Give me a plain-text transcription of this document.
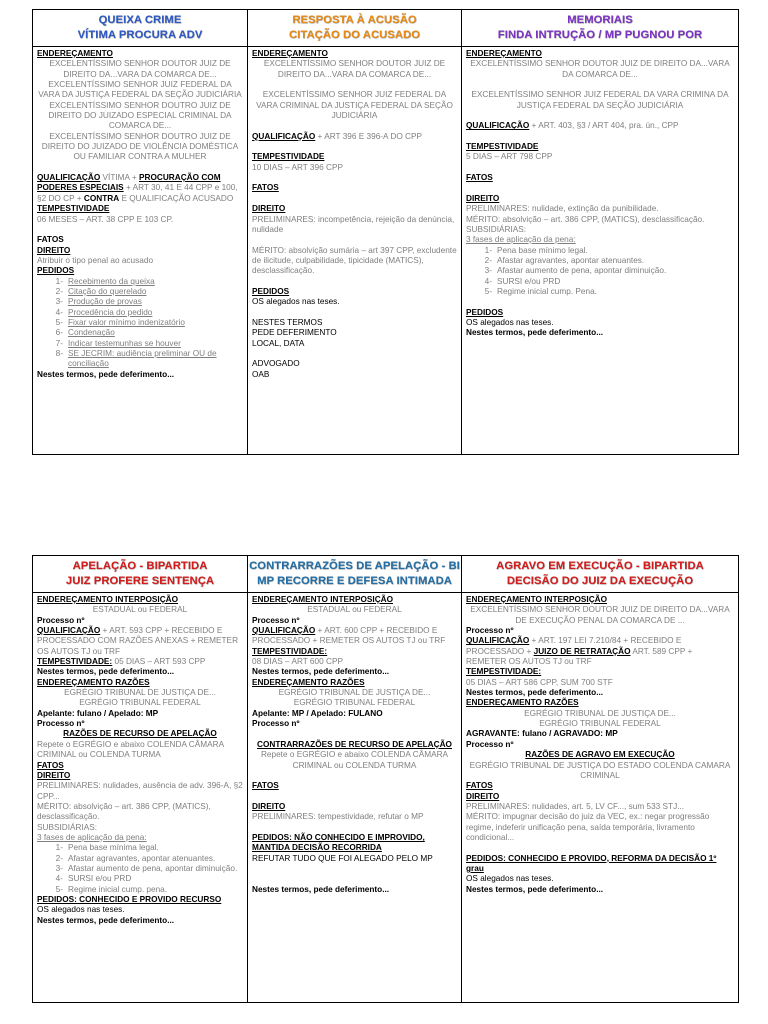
QUEIXA CRIME
VÍTIMA PROCURA ADV
ENDEREÇAMENTO
EXCELENTÍSSIMO SENHOR DOUTOR JUIZ DE DIREITO DA...VARA DA COMARCA DE...
EXCELENTÍSSIMO SENHOR JUIZ FEDERAL DA VARA DA JUSTIÇA FEDERAL DA SEÇÃO JUDICIÁRIA
EXCELENTÍSSIMO SENHOR DOUTRO JUIZ DE DIREITO DO JUIZADO ESPECIAL CRIMINAL DA COMARCA DE...
EXCELENTÍSSIMO SENHOR DOUTRO JUIZ DE DIREITO DO JUIZADO DE VIOLÊNCIA DOMÉSTICA OU FAMILIAR CONTRA A MULHER
QUALIFICAÇÃO VÍTIMA + PROCURAÇÃO COM PODERES ESPECIAIS + ART 30, 41 E 44 CPP e 100, §2 DO CP + CONTRA E QUALIFICAÇÃO ACUSADO
TEMPESTIVIDADE
06 MESES – ART. 38 CPP E 103 CP.
FATOS
DIREITO
Atribuir o tipo penal ao acusado
PEDIDOS
1- Recebimento da queixa
2- Citação do querelado
3- Produção de provas
4- Procedência do pedido
5- Fixar valor mínimo indenizatório
6- Condenação
7- Indicar testemunhas se houver
8- SE JECRIM: audiência preliminar OU de conciliação
Nestes termos, pede deferimento...
RESPOSTA À ACUSÃO
CITAÇÃO DO ACUSADO
ENDEREÇAMENTO
EXCELENTÍSSIMO SENHOR DOUTOR JUIZ DE DIREITO DA...VARA DA COMARCA DE...
EXCELENTÍSSIMO SENHOR JUIZ FEDERAL DA VARA CRIMINAL DA JUSTIÇA FEDERAL DA SEÇÃO JUDICIÁRIA
QUALIFICAÇÃO + ART 396 E 396-A DO CPP
TEMPESTIVIDADE
10 DIAS – ART 396 CPP
FATOS
DIREITO
PRELIMINARES: incompetência, rejeição da denúncia, nulidade
MÉRITO: absolvição sumária – art 397 CPP, excludente de ilicitude, culpabilidade, tipicidade (MATICS), desclassificação.
PEDIDOS
OS alegados nas teses.
NESTES TERMOS
PEDE DEFERIMENTO
LOCAL, DATA
ADVOGADO
OAB
MEMORIAIS
FINDA INTRUÇÃO / MP PUGNOU POR
ENDEREÇAMENTO
EXCELENTÍSSIMO SENHOR DOUTOR JUIZ DE DIREITO DA...VARA DA COMARCA DE...
EXCELENTÍSSIMO SENHOR JUIZ FEDERAL DA VARA CRIMINA DA JUSTIÇA FEDERAL DA SEÇÃO JUDICIÁRIA
QUALIFICAÇÃO + ART. 403, §3 / ART 404, pra. ún., CPP
TEMPESTIVIDADE
5 DIAS – ART 798 CPP
FATOS
DIREITO
PRELIMINARES: nulidade, extinção da punibilidade.
MÉRITO: absolvição – art. 386 CPP, (MATICS), desclassificação.
SUBSIDIÁRIAS:
3 fases de aplicação da pena:
1- Pena base mínimo legal.
2- Afastar agravantes, apontar atenuantes.
3- Afastar aumento de pena, apontar diminuição.
4- SURSI e/ou PRD
5- Regime inicial cump. Pena.
PEDIDOS
OS alegados nas teses.
Nestes termos, pede deferimento...
APELAÇÃO - BIPARTIDA
JUIZ PROFERE SENTENÇA
ENDEREÇAMENTO INTERPOSIÇÃO
ESTADUAL ou FEDERAL
Processo nº
QUALIFICAÇÃO + ART. 593 CPP + RECEBIDO E PROCESSADO COM RAZÕES ANEXAS + REMETER OS AUTOS TJ ou TRF
TEMPESTIVIDADE: 05 DIAS – ART 593 CPP
Nestes termos, pede deferimento...
ENDEREÇAMENTO RAZÕES
EGRÉGIO TRIBUNAL DE JUSTIÇA DE...
EGRÉGIO TRIBUNAL FEDERAL
Apelante: fulano / Apelado: MP
Processo nº
RAZÕES DE RECURSO DE APELAÇÃO
Repete o EGRÉGIO e abaixo COLENDA CÂMARA CRIMINAL ou COLENDA TURMA
FATOS
DIREITO
PRELIMINARES: nulidades, ausência de adv. 396-A, §2 CPP...
MÉRITO: absolvição – art. 386 CPP, (MATICS), desclassificação.
SUBSIDIÁRIAS:
3 fases de aplicação da pena:
1- Pena base mínima legal.
2- Afastar agravantes, apontar atenuantes.
3- Afastar aumento de pena, apontar diminuição.
4- SURSI e/ou PRD
5- Regime inicial cump. pena.
PEDIDOS: CONHECIDO E PROVIDO RECURSO
OS alegados nas teses.
Nestes termos, pede deferimento...
CONTRARRAZÕES DE APELAÇÃO - BI
MP RECORRE E DEFESA INTIMADA
ENDEREÇAMENTO INTERPOSIÇÃO
ESTADUAL ou FEDERAL
Processo nº
QUALIFICAÇÃO + ART. 600 CPP + RECEBIDO E PROCESSADO + REMETER OS AUTOS TJ ou TRF
TEMPESTIVIDADE:
08 DIAS – ART 600 CPP
Nestes termos, pede deferimento...
ENDEREÇAMENTO RAZÕES
EGRÉGIO TRIBUNAL DE JUSTIÇA DE...
EGRÉGIO TRIBUNAL FEDERAL
Apelante: MP / Apelado: FULANO
Processo nº
CONTRARRAZÕES DE RECURSO DE APELAÇÃO
Repete o EGRÉGIO e abaixo COLENDA CÂMARA CRIMINAL ou COLENDA TURMA
FATOS
DIREITO
PRELIMINARES: tempestividade, refutar o MP
PEDIDOS: NÃO CONHECIDO E IMPROVIDO, MANTIDA DECISÃO RECORRIDA
REFUTAR TUDO QUE FOI ALEGADO PELO MP
Nestes termos, pede deferimento...
AGRAVO EM EXECUÇÃO - BIPARTIDA
DECISÃO DO JUIZ DA EXECUÇÃO
ENDEREÇAMENTO INTERPOSIÇÃO
EXCELENTÍSSIMO SENHOR DOUTOR JUIZ DE DIREITO DA...VARA DE EXECUÇÃO PENAL DA COMARCA DE ...
Processo nº
QUALIFICAÇÃO + ART. 197 LEI 7.210/84 + RECEBIDO E PROCESSADO + JUIZO DE RETRATAÇÃO ART. 589 CPP + REMETER OS AUTOS TJ ou TRF
TEMPESTIVIDADE:
05 DIAS – ART 586 CPP, SUM 700 STF
Nestes termos, pede deferimento...
ENDEREÇAMENTO RAZÕES
EGRÉGIO TRIBUNAL DE JUSTIÇA DE...
EGRÉGIO TRIBUNAL FEDERAL
AGRAVANTE: fulano / AGRAVADO: MP
Processo nº
RAZÕES DE AGRAVO EM EXECUÇÃO
EGRÉGIO TRIBUNAL DE JUSTIÇA DO ESTADO COLENDA CAMARA CRIMINAL
FATOS
DIREITO
PRELIMINARES: nulidades, art. 5, LV CF..., sum 533 STJ...
MÉRITO: impugnar decisão do juiz da VEC, ex.: negar progressão regime, indeferir unificação pena, saída temporária, livramento condicional...
PEDIDOS: CONHECIDO E PROVIDO, REFORMA DA DECISÃO 1º grau
OS alegados nas teses.
Nestes termos, pede deferimento...
